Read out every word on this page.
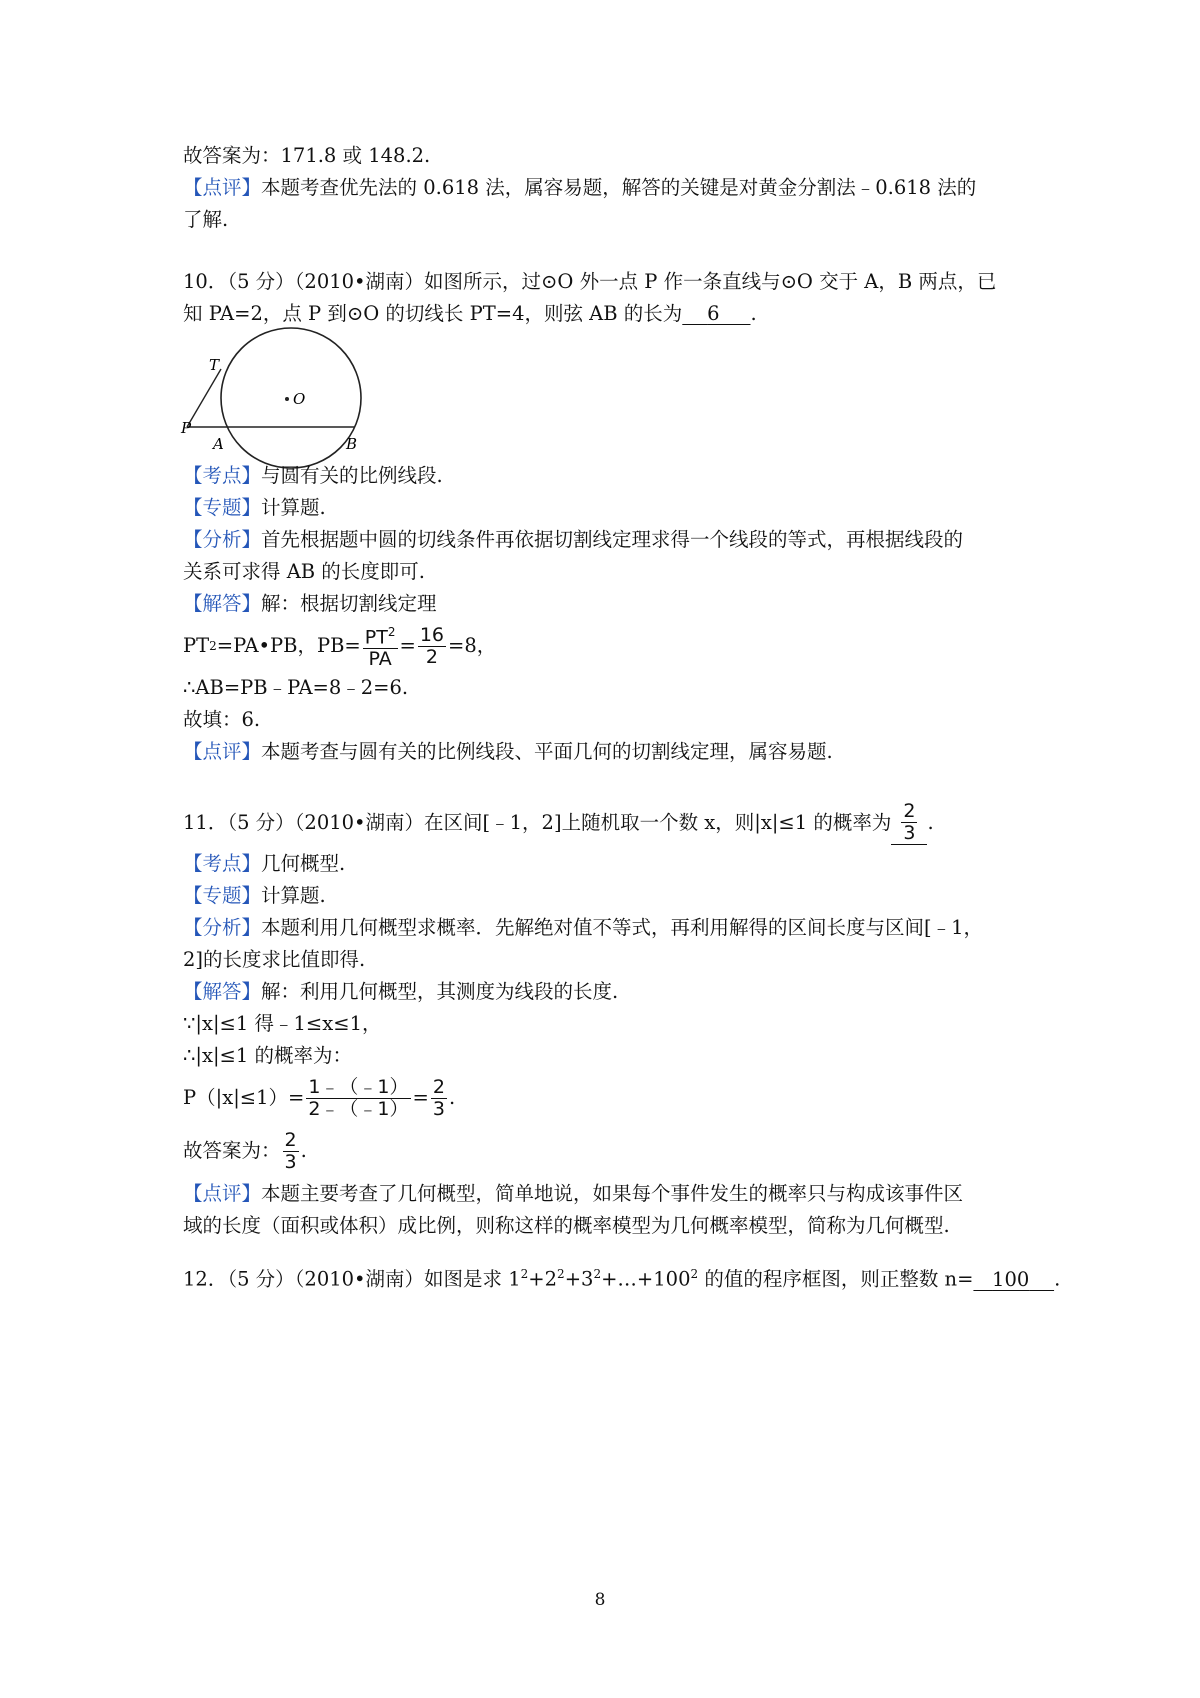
故答案为：171.8 或 148.2.
【点评】本题考查优先法的 0.618 法，属容易题，解答的关键是对黄金分割法﹣0.618 法的
了解.
10．（5 分）（2010•湖南）如图所示，过⊙O 外一点 P 作一条直线与⊙O 交于 A，B 两点，已
知 PA=2，点 P 到⊙O 的切线长 PT=4，则弦 AB 的长为 6 .
T
O
P
A	B
【考点】与圆有关的比例线段.
【专题】计算题.
【分析】首先根据题中圆的切线条件再依据切割线定理求得一个线段的等式，再根据线段的
关系可求得 AB 的长度即可.
【解答】解：根据切割线定理
PT 2 =PA•PB，$PB= \frac{PT^2}{PA} = \frac{16}{2} =8$，
∴AB=PB﹣PA=8﹣2=6.
故填：6.
【点评】本题考查与圆有关的比例线段、平面几何的切割线定理，属容易题.
11．（5 分）（2010•湖南）在区间[﹣1，2]上随机取一个数 x，则|x|≤1 的概率为 $\frac{2}{3}$ .
【考点】几何概型.
【专题】计算题.
【分析】本题利用几何概型求概率．先解绝对值不等式，再利用解得的区间长度与区间[﹣1，
2]的长度求比值即得.
【解答】解：利用几何概型，其测度为线段的长度.
∵|x|≤1 得﹣1≤x≤1，
∴|x|≤1 的概率为：
$P(|x|\le 1)= \frac{1﹣(﹣1)}{2﹣(﹣1)} = \frac{2}{3}$ .
故答案为： $\frac{2}{3}$ .
【点评】本题主要考查了几何概型，简单地说，如果每个事件发生的概率只与构成该事件区
域的长度（面积或体积）成比例，则称这样的概率模型为几何概率模型，简称为几何概型.
12．（5 分）（2010•湖南）如图是求 $1^2+2^2+3^2+\dots+100^2$ 的值的程序框图，则正整数 n= 100 .
8
